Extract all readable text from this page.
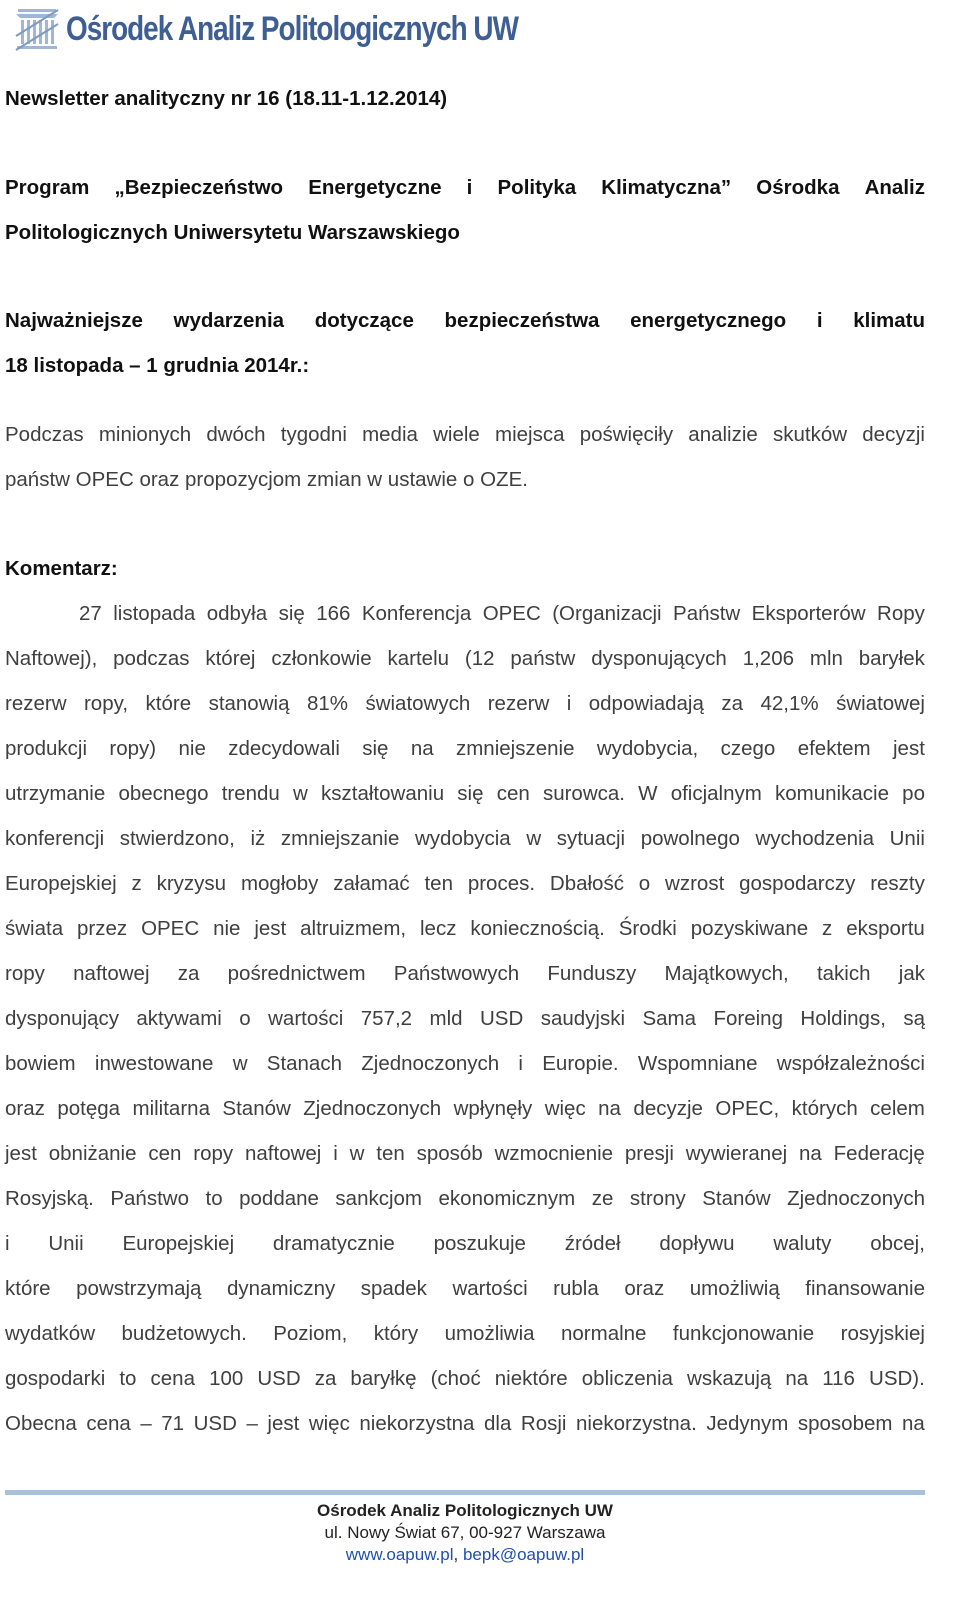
Ośrodek Analiz Politologicznych UW
Newsletter analityczny nr 16 (18.11-1.12.2014)
Program „Bezpieczeństwo Energetyczne i Polityka Klimatyczna” Ośrodka Analiz
Politologicznych Uniwersytetu Warszawskiego
Najważniejsze wydarzenia dotyczące bezpieczeństwa energetycznego i klimatu
18 listopada – 1 grudnia 2014r.:
Podczas minionych dwóch tygodni media wiele miejsca poświęciły analizie skutków decyzji
państw OPEC oraz propozycjom zmian w ustawie o OZE.
Komentarz:
27 listopada odbyła się 166 Konferencja OPEC (Organizacji Państw Eksporterów Ropy
Naftowej), podczas której członkowie kartelu (12 państw dysponujących 1,206 mln baryłek
rezerw ropy, które stanowią 81% światowych rezerw i odpowiadają za 42,1% światowej
produkcji ropy) nie zdecydowali się na zmniejszenie wydobycia, czego efektem jest
utrzymanie obecnego trendu w kształtowaniu się cen surowca. W oficjalnym komunikacie po
konferencji stwierdzono, iż zmniejszanie wydobycia w sytuacji powolnego wychodzenia Unii
Europejskiej z kryzysu mogłoby załamać ten proces. Dbałość o wzrost gospodarczy reszty
świata przez OPEC nie jest altruizmem, lecz koniecznością. Środki pozyskiwane z eksportu
ropy naftowej za pośrednictwem Państwowych Funduszy Majątkowych, takich jak
dysponujący aktywami o wartości 757,2 mld USD saudyjski Sama Foreing Holdings, są
bowiem inwestowane w Stanach Zjednoczonych i Europie. Wspomniane współzależności
oraz potęga militarna Stanów Zjednoczonych wpłynęły więc na decyzje OPEC, których celem
jest obniżanie cen ropy naftowej i w ten sposób wzmocnienie presji wywieranej na Federację
Rosyjską. Państwo to poddane sankcjom ekonomicznym ze strony Stanów Zjednoczonych
i Unii Europejskiej dramatycznie poszukuje źródeł dopływu waluty obcej,
które powstrzymają dynamiczny spadek wartości rubla oraz umożliwią finansowanie
wydatków budżetowych. Poziom, który umożliwia normalne funkcjonowanie rosyjskiej
gospodarki to cena 100 USD za baryłkę (choć niektóre obliczenia wskazują na 116 USD).
Obecna cena – 71 USD – jest więc niekorzystna dla Rosji niekorzystna. Jedynym sposobem na
Ośrodek Analiz Politologicznych UW
ul. Nowy Świat 67, 00-927 Warszawa
www.oapuw.pl, bepk@oapuw.pl
